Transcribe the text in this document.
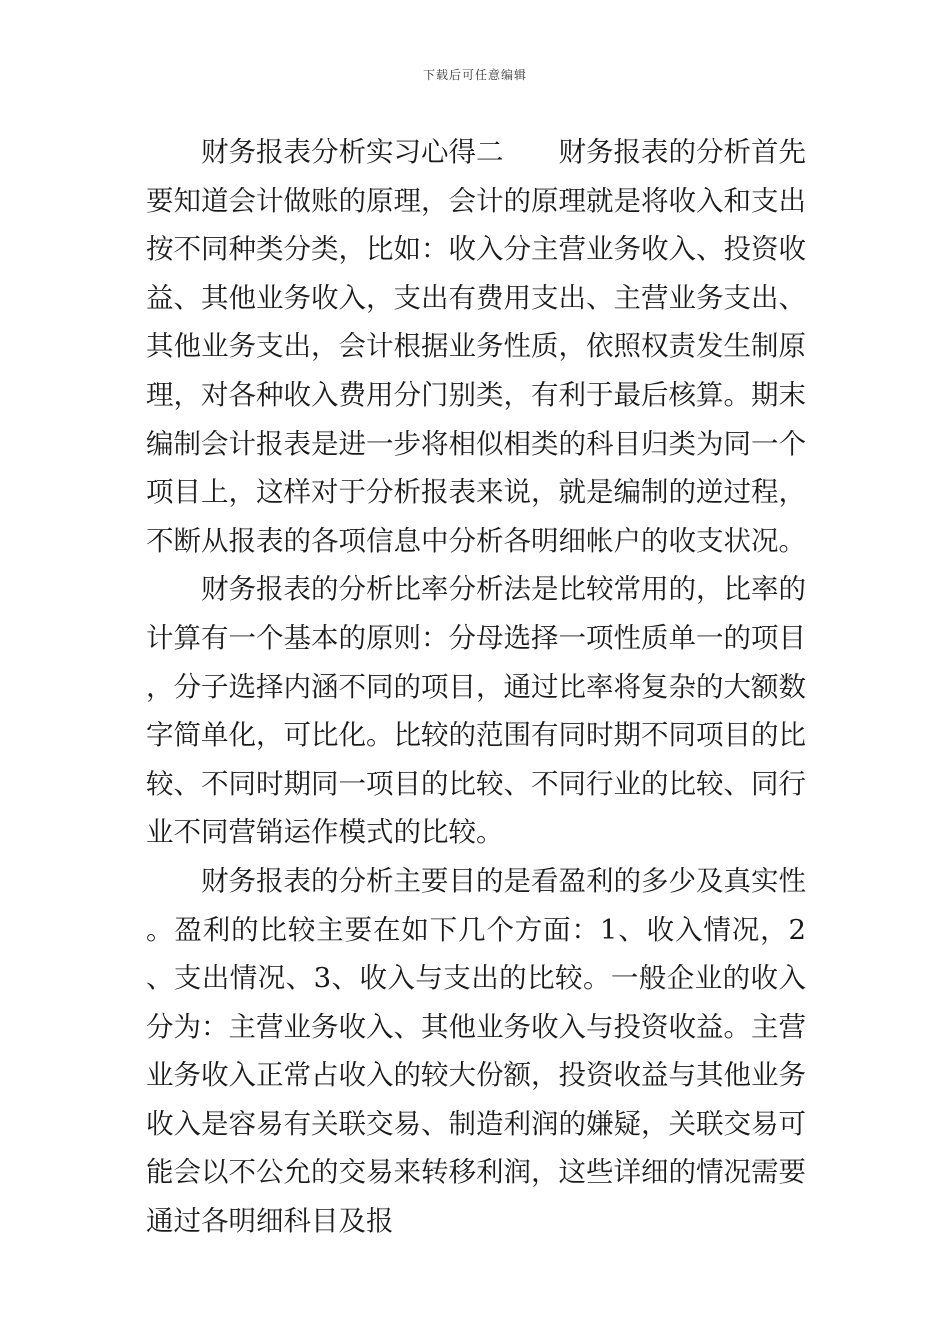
下载后可任意编辑

财务报表分析实习心得二　　财务报表的分析首先要知道会计做账的原理，会计的原理就是将收入和支出按不同种类分类，比如：收入分主营业务收入、投资收益、其他业务收入，支出有费用支出、主营业务支出、其他业务支出，会计根据业务性质，依照权责发生制原理，对各种收入费用分门别类，有利于最后核算。期末编制会计报表是进一步将相似相类的科目归类为同一个项目上，这样对于分析报表来说，就是编制的逆过程，不断从报表的各项信息中分析各明细帐户的收支状况。

财务报表的分析比率分析法是比较常用的，比率的计算有一个基本的原则：分母选择一项性质单一的项目，分子选择内涵不同的项目，通过比率将复杂的大额数字简单化，可比化。比较的范围有同时期不同项目的比较、不同时期同一项目的比较、不同行业的比较、同行业不同营销运作模式的比较。

财务报表的分析主要目的是看盈利的多少及真实性。盈利的比较主要在如下几个方面：1、收入情况，2、支出情况、3、收入与支出的比较。一般企业的收入分为：主营业务收入、其他业务收入与投资收益。主营业务收入正常占收入的较大份额，投资收益与其他业务收入是容易有关联交易、制造利润的嫌疑，关联交易可能会以不公允的交易来转移利润，这些详细的情况需要通过各明细科目及报
